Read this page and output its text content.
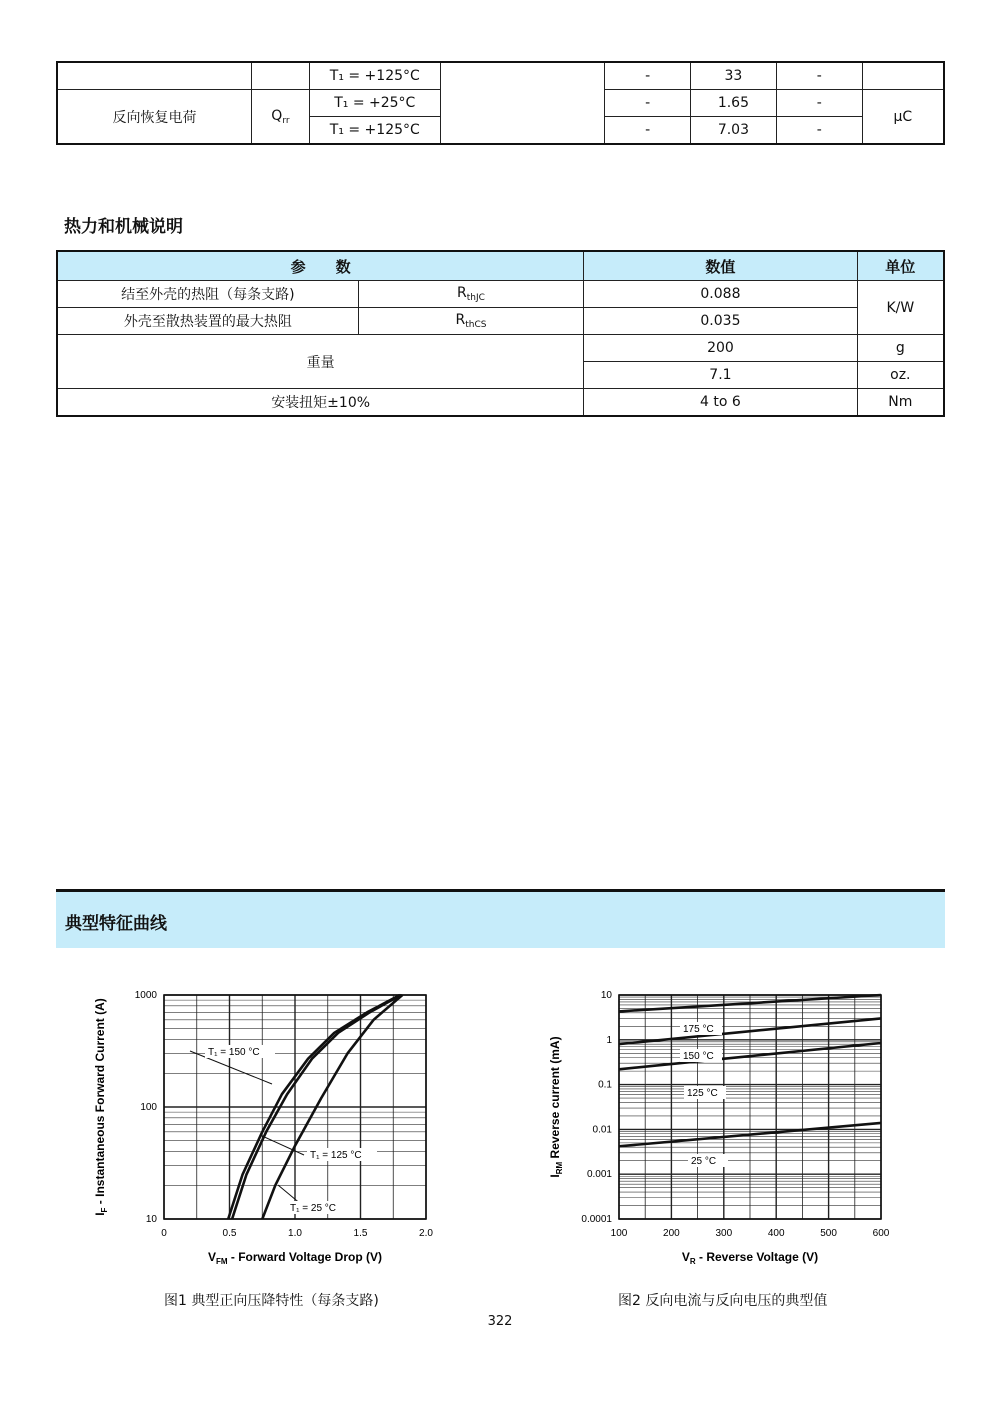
		T₁ = +125°C		-	33	-	
反向恢复电荷	$Q_{rr}$	T₁ = +25°C		-	1.65	-	µC
		T₁ = +125°C		-	7.03	-	
热力和机械说明
参　　数		数值	单位
结至外壳的热阻（每条支路)	$R_{thJC}$	0.088	K/W
外壳至散热装置的最大热阻	$R_{thCS}$	0.035	
重量		200	g
		7.1	oz.
安装扭矩±10%		4 to 6	Nm
典型特征曲线
10
100
1000
0	0.5	1.0	1.5	2.0
T₁ = 150 °C
T₁ = 125 °C
T₁ = 25 °C
$V_{FM}$ - Forward Voltage Drop (V)
$I_F$ - Instantaneous Forward Current (A)
0.0001
0.001
0.01
0.1
1
10
100	200	300	400	500	600
175 °C
150 °C
125 °C
25 °C
$V_R$ - Reverse Voltage (V)
$I_{RM}$ Reverse current (mA)
图1 典型正向压降特性（每条支路)	图2 反向电流与反向电压的典型值
322
